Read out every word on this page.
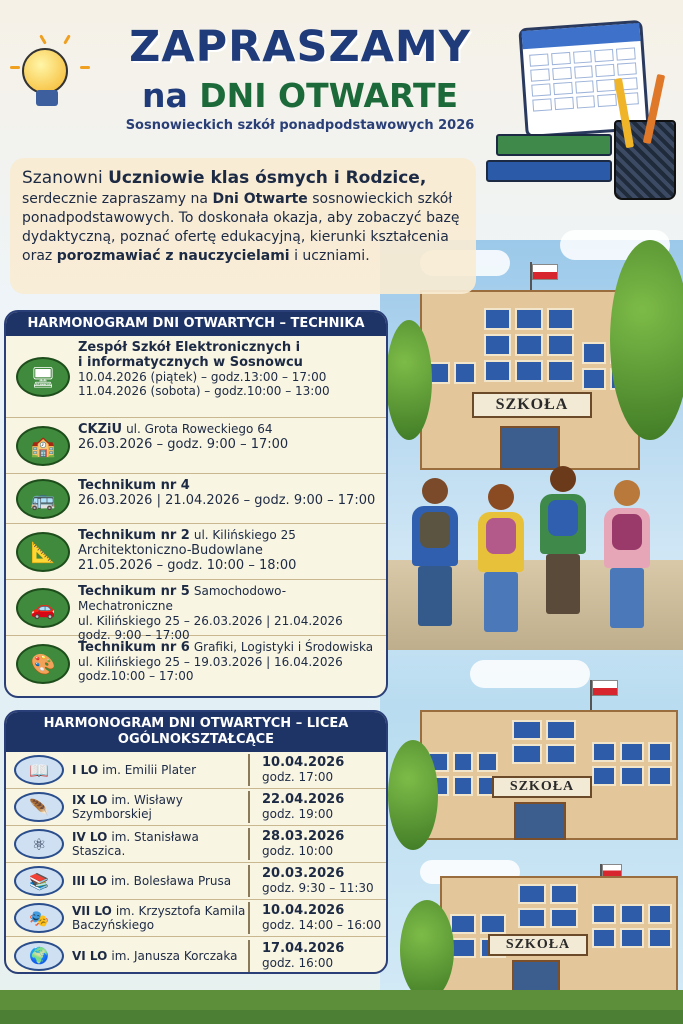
SZKOŁA
SZKOŁA
SZKOŁA
ZAPRASZAMY
na DNI OTWARTE
Sosnowieckich szkół ponadpodstawowych 2026
Szanowni Uczniowie klas ósmych i Rodzice,
serdecznie zapraszamy na Dni Otwarte sosnowieckich szkół ponadpodstawowych. To doskonała okazja, aby zobaczyć bazę dydaktyczną, poznać ofertę edukacyjną, kierunki kształcenia oraz porozmawiać z nauczycielami i uczniami.
HARMONOGRAM DNI OTWARTYCH – TECHNIKA
🖥
Zespół Szkół Elektronicznych i
i informatycznych w Sosnowcu
10.04.2026 (piątek) – godz.13:00 – 17:00
11.04.2026 (sobota) – godz.10:00 – 13:00
🏫
CKZiU ul. Grota Roweckiego 64
26.03.2026 – godz. 9:00 – 17:00
🚌
Technikum nr 4
26.03.2026 | 21.04.2026 – godz. 9:00 – 17:00
📐
Technikum nr 2 ul. Kilińskiego 25
Architektoniczno-Budowlane
21.05.2026 – godz. 10:00 – 18:00
🚗
Technikum nr 5 Samochodowo-Mechatroniczne
ul. Kilińskiego 25 – 26.03.2026 | 21.04.2026
godz. 9:00 – 17:00
🎨
Technikum nr 6 Grafiki, Logistyki i Środowiska
ul. Kilińskiego 25 – 19.03.2026 | 16.04.2026
godz.10:00 – 17:00
HARMONOGRAM DNI OTWARTYCH – LICEA
OGÓLNOKSZTAŁCĄCE
📖	I LO im. Emilii Plater	10.04.2026
godz. 17:00
🪶	IX LO im. Wisławy Szymborskiej
22.04.2026
godz. 19:00
⚛	IV LO im. Stanisława Staszica.
28.03.2026
godz. 10:00
📚	III LO im. Bolesława Prusa	20.03.2026
godz. 9:30 – 11:30
🎭	VII LO im. Krzysztofa Kamila Baczyńskiego
10.04.2026
godz. 14:00 – 16:00
🌍	VI LO im. Janusza Korczaka	17.04.2026
godz. 16:00
